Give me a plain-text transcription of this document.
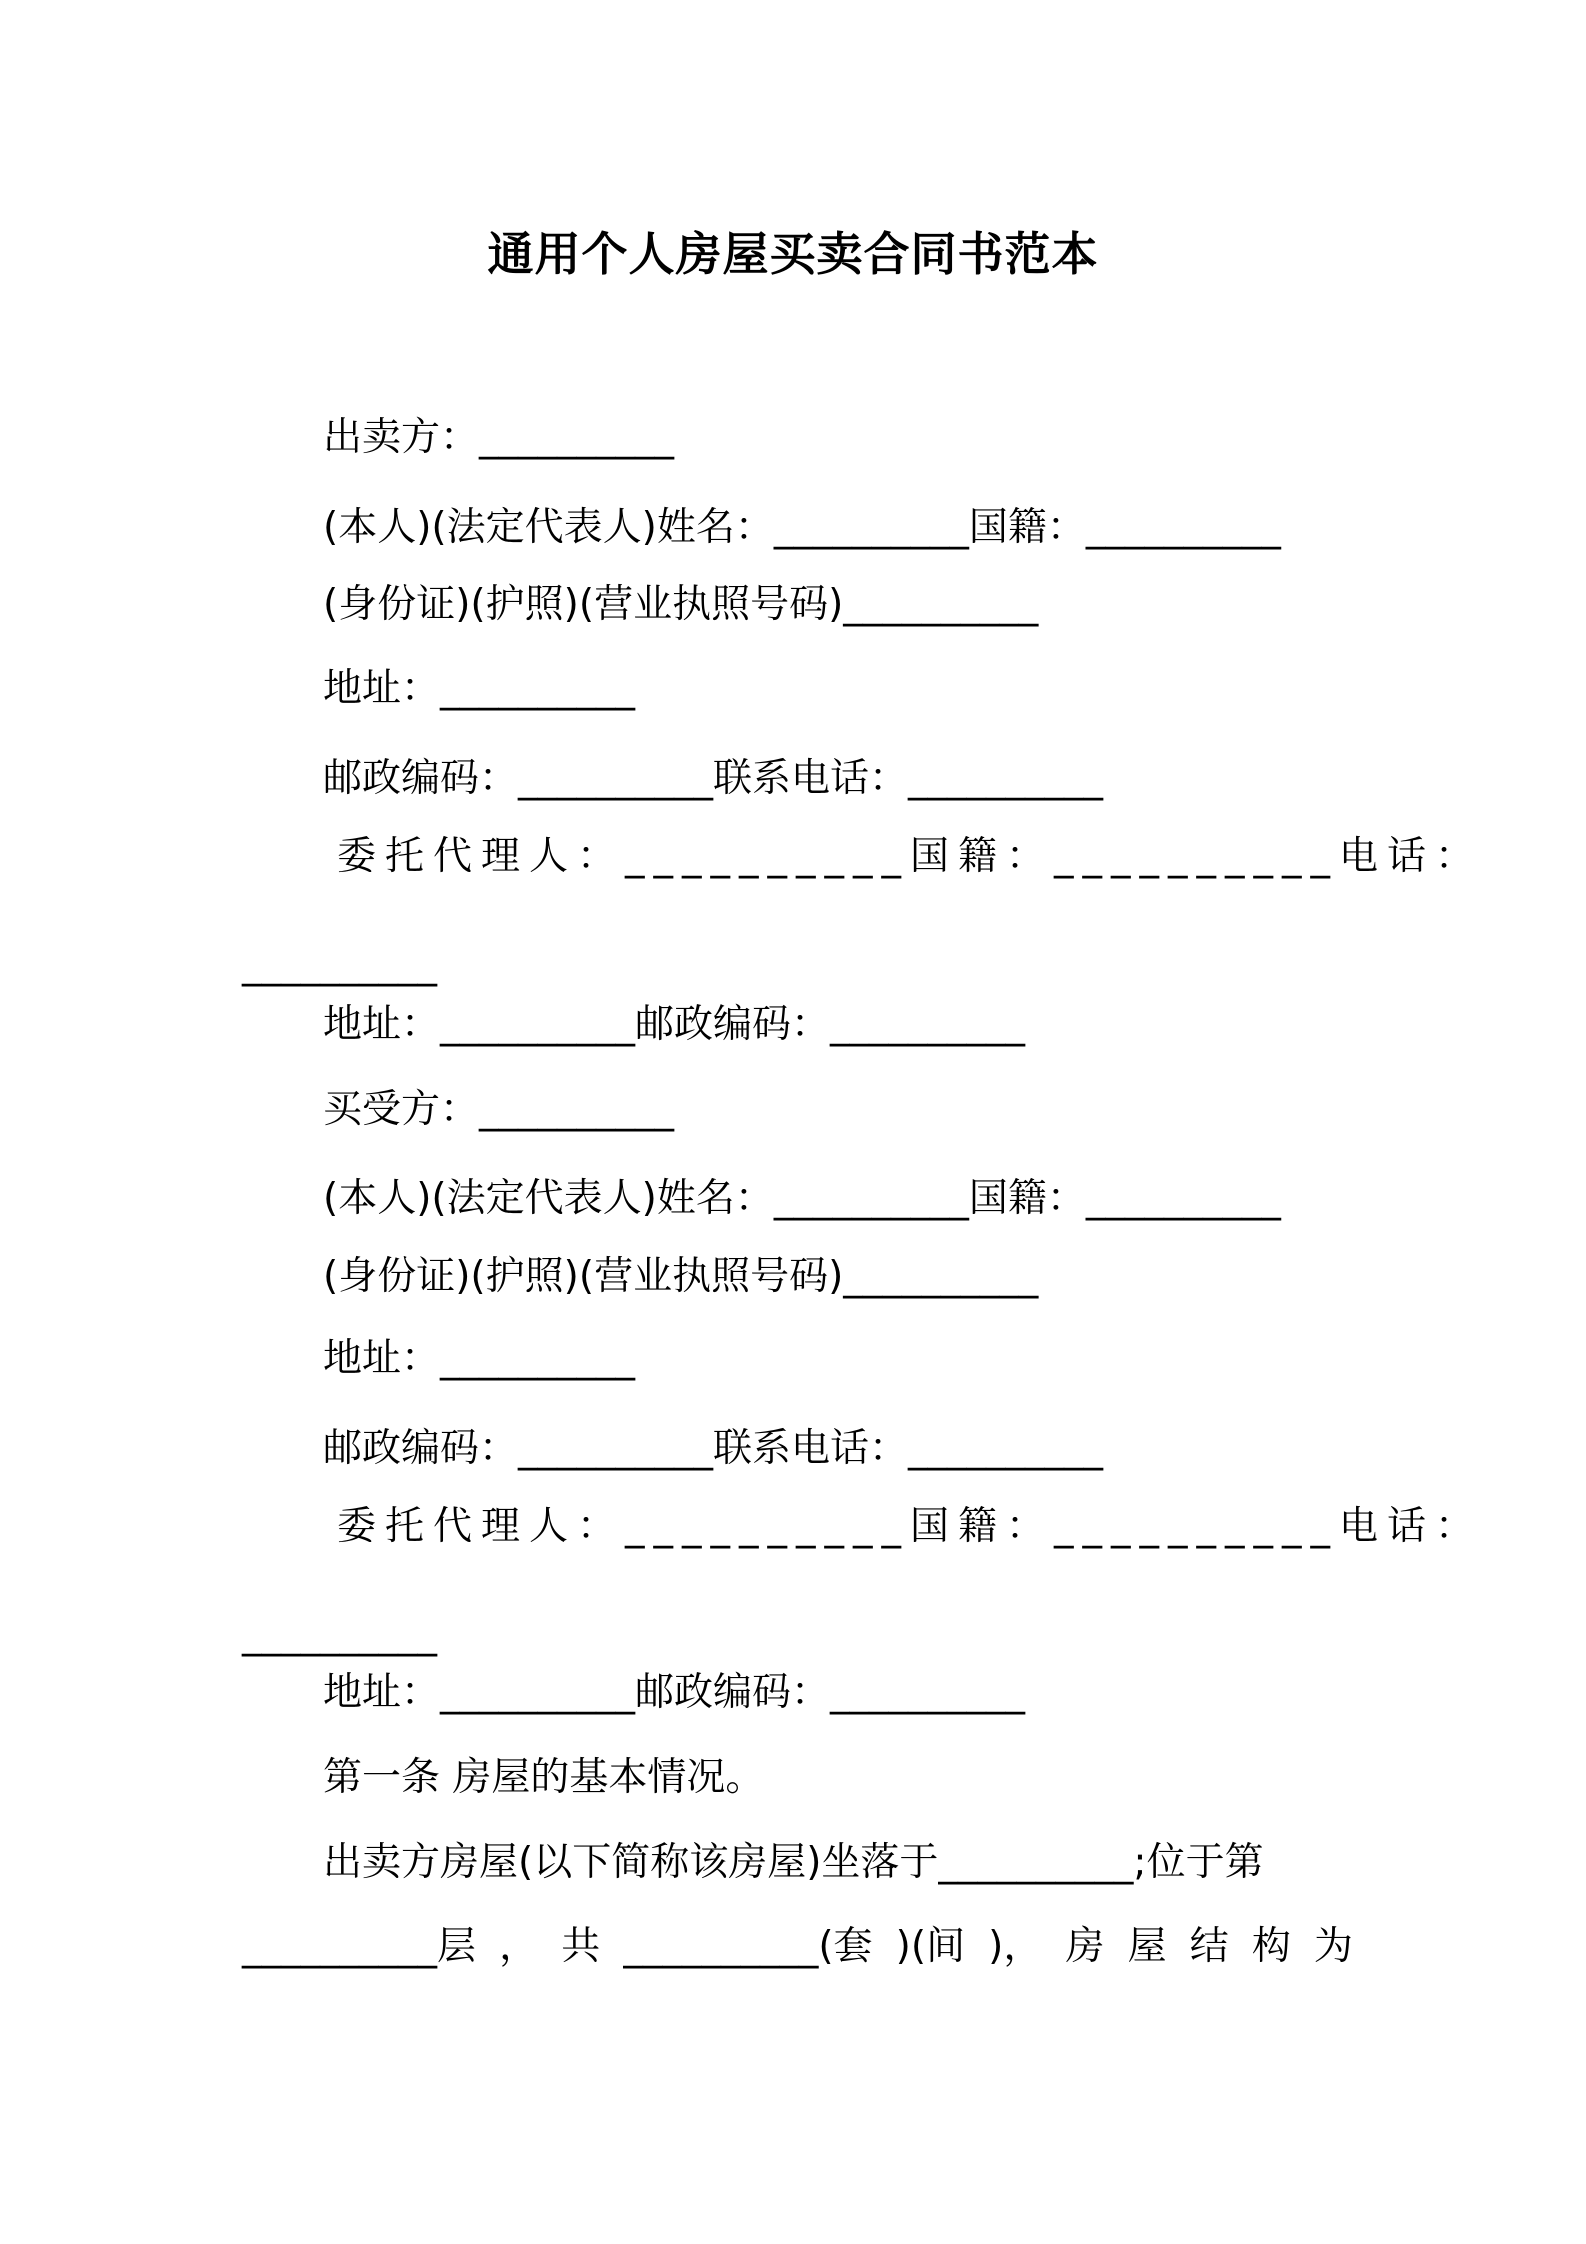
通用个人房屋买卖合同书范本
出卖方：__________
(本人)(法定代表人)姓名：__________国籍：__________
(身份证)(护照)(营业执照号码)__________
地址：__________
邮政编码：__________联系电话：__________
委托代理人：__________国籍：__________电话：
__________
地址：__________邮政编码：__________
买受方：__________
(本人)(法定代表人)姓名：__________国籍：__________
(身份证)(护照)(营业执照号码)__________
地址：__________
邮政编码：__________联系电话：__________
委托代理人：__________国籍：__________电话：
__________
地址：__________邮政编码：__________
第一条 房屋的基本情况。
出卖方房屋(以下简称该房屋)坐落于__________;位于第
__________层 ， 共 __________(套 )(间 )， 房 屋 结 构 为
